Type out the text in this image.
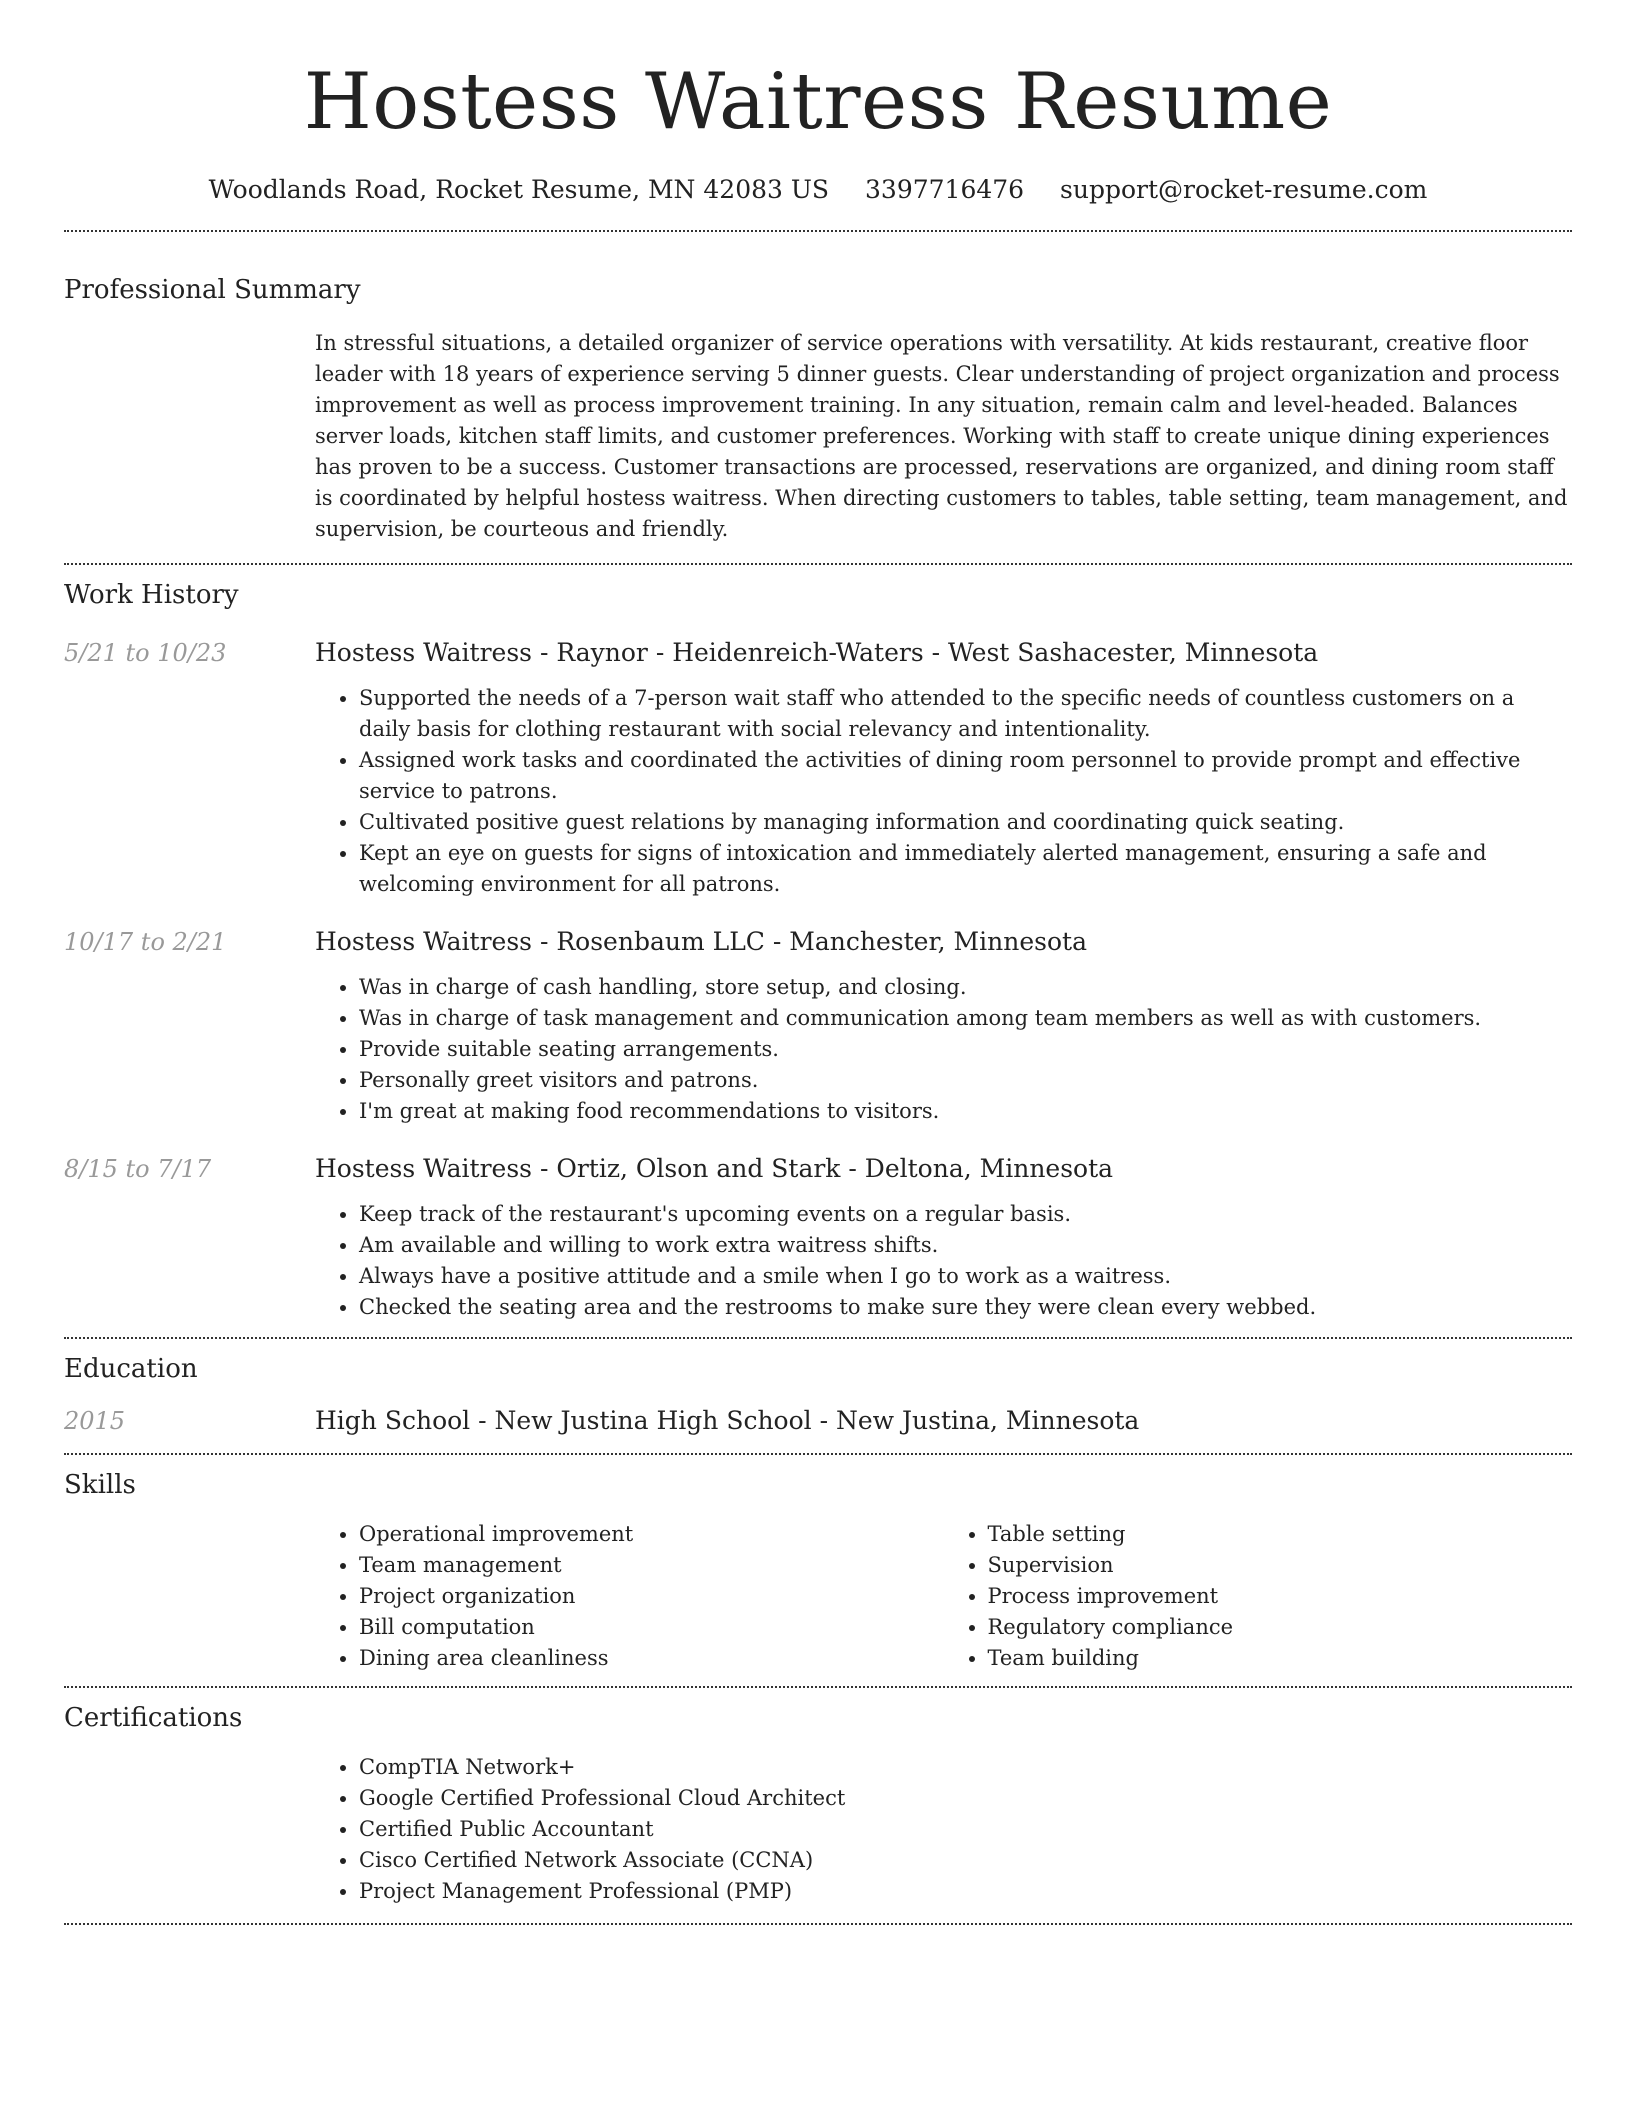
Hostess Waitress Resume
Woodlands Road, Rocket Resume, MN 42083 US 3397716476 support@rocket-resume.com
Professional Summary
In stressful situations, a detailed organizer of service operations with versatility. At kids restaurant, creative floor leader with 18 years of experience serving 5 dinner guests. Clear understanding of project organization and process improvement as well as process improvement training. In any situation, remain calm and level-headed. Balances server loads, kitchen staff limits, and customer preferences. Working with staff to create unique dining experiences has proven to be a success. Customer transactions are processed, reservations are organized, and dining room staff is coordinated by helpful hostess waitress. When directing customers to tables, table setting, team management, and supervision, be courteous and friendly.
Work History
5/21 to 10/23	Hostess Waitress - Raynor - Heidenreich-Waters - West Sashacester, Minnesota
• Supported the needs of a 7-person wait staff who attended to the specific needs of countless customers on a daily basis for clothing restaurant with social relevancy and intentionality.
• Assigned work tasks and coordinated the activities of dining room personnel to provide prompt and effective service to patrons.
• Cultivated positive guest relations by managing information and coordinating quick seating.
• Kept an eye on guests for signs of intoxication and immediately alerted management, ensuring a safe and welcoming environment for all patrons.
10/17 to 2/21	Hostess Waitress - Rosenbaum LLC - Manchester, Minnesota
• Was in charge of cash handling, store setup, and closing.
• Was in charge of task management and communication among team members as well as with customers.
• Provide suitable seating arrangements.
• Personally greet visitors and patrons.
• I'm great at making food recommendations to visitors.
8/15 to 7/17	Hostess Waitress - Ortiz, Olson and Stark - Deltona, Minnesota
• Keep track of the restaurant's upcoming events on a regular basis.
• Am available and willing to work extra waitress shifts.
• Always have a positive attitude and a smile when I go to work as a waitress.
• Checked the seating area and the restrooms to make sure they were clean every webbed.
Education
2015	High School - New Justina High School - New Justina, Minnesota
Skills
• Operational improvement
• Team management
• Project organization
• Bill computation
• Dining area cleanliness
• Table setting
• Supervision
• Process improvement
• Regulatory compliance
• Team building
Certifications
• CompTIA Network+
• Google Certified Professional Cloud Architect
• Certified Public Accountant
• Cisco Certified Network Associate (CCNA)
• Project Management Professional (PMP)
